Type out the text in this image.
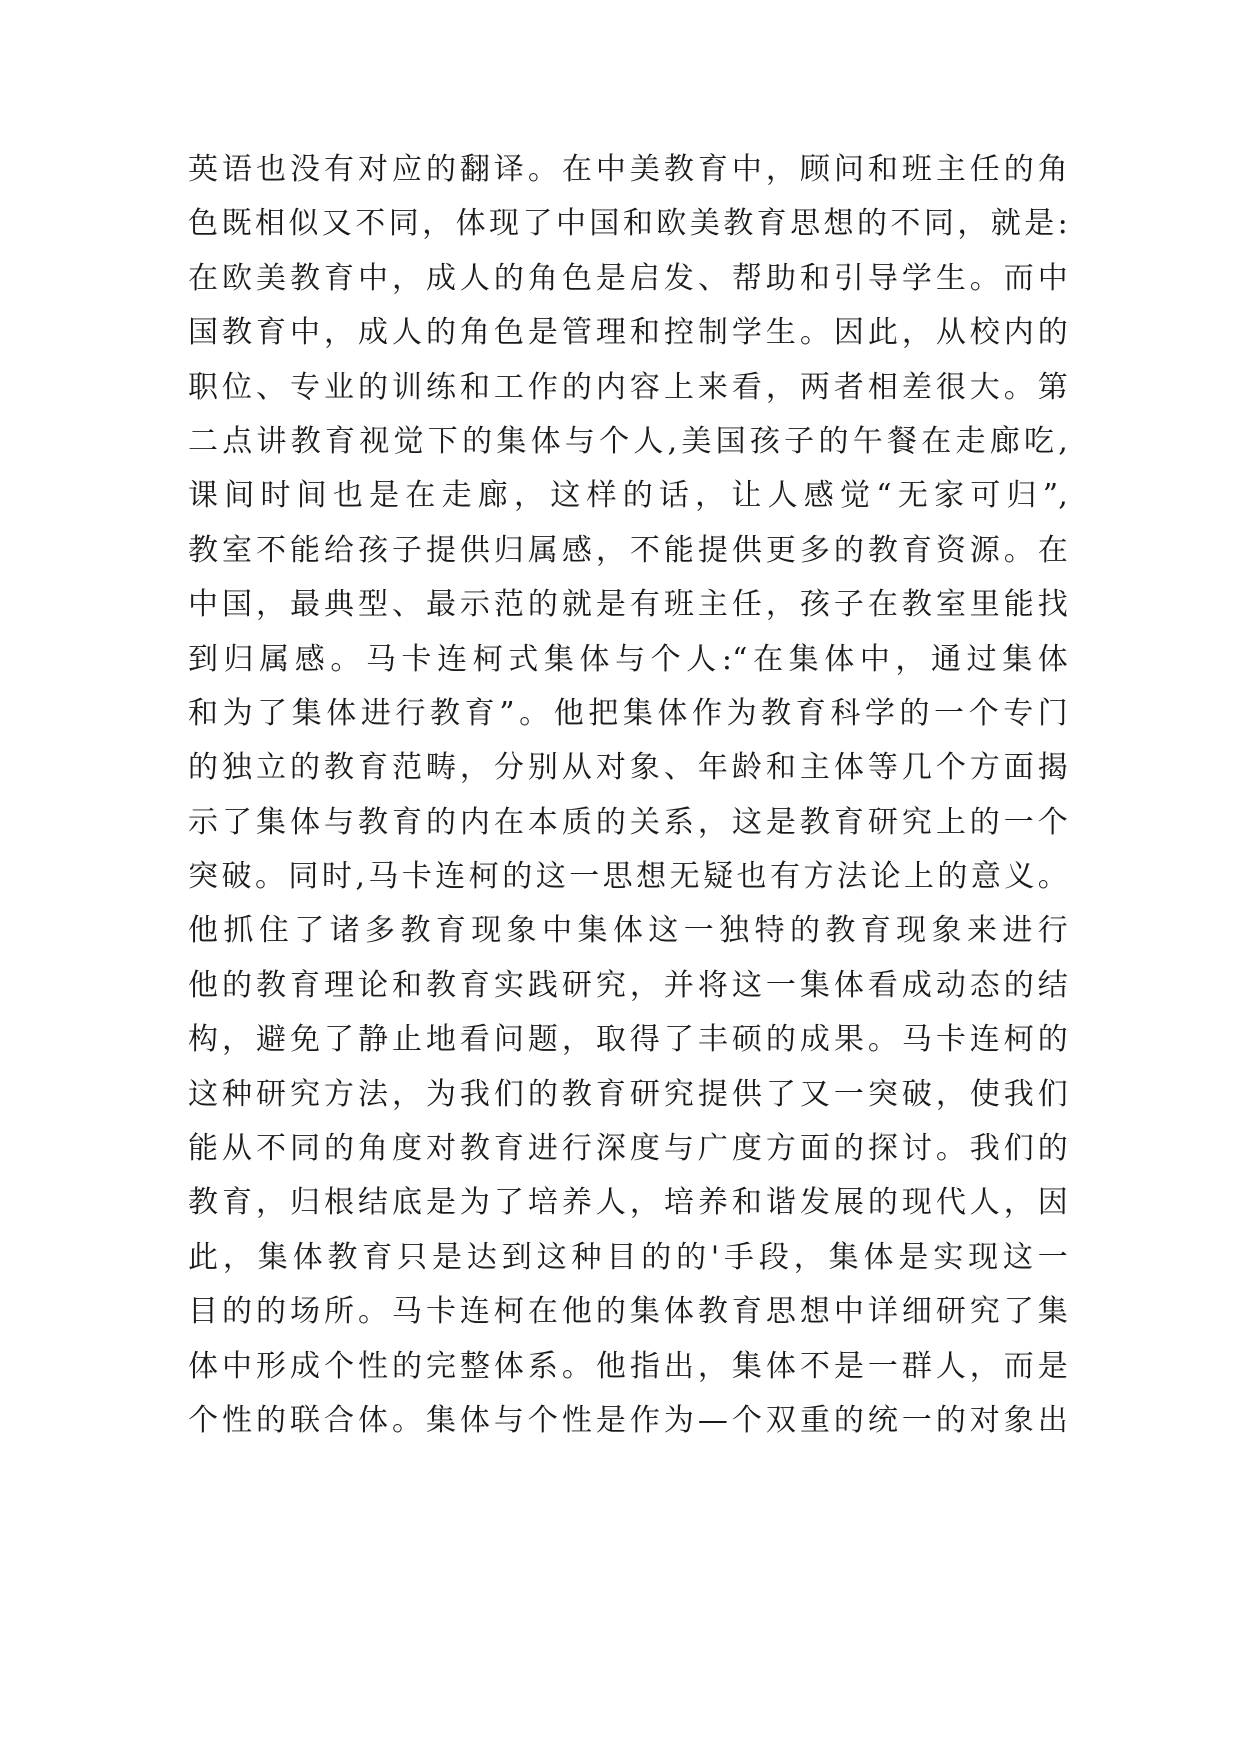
英语也没有对应的翻译。在中美教育中，顾问和班主任的角
色既相似又不同，体现了中国和欧美教育思想的不同，就是:
在欧美教育中，成人的角色是启发、帮助和引导学生。而中
国教育中，成人的角色是管理和控制学生。因此，从校内的
职位、专业的训练和工作的内容上来看，两者相差很大。第
二点讲教育视觉下的集体与个人,美国孩子的午餐在走廊吃,
课间时间也是在走廊，这样的话，让人感觉“无家可归”,
教室不能给孩子提供归属感，不能提供更多的教育资源。在
中国，最典型、最示范的就是有班主任，孩子在教室里能找
到归属感。马卡连柯式集体与个人:“在集体中，通过集体
和为了集体进行教育”。他把集体作为教育科学的一个专门
的独立的教育范畴，分别从对象、年龄和主体等几个方面揭
示了集体与教育的内在本质的关系，这是教育研究上的一个
突破。同时,马卡连柯的这一思想无疑也有方法论上的意义。
他抓住了诸多教育现象中集体这一独特的教育现象来进行
他的教育理论和教育实践研究，并将这一集体看成动态的结
构，避免了静止地看问题，取得了丰硕的成果。马卡连柯的
这种研究方法，为我们的教育研究提供了又一突破，使我们
能从不同的角度对教育进行深度与广度方面的探讨。我们的
教育，归根结底是为了培养人，培养和谐发展的现代人，因
此，集体教育只是达到这种目的的'手段，集体是实现这一
目的的场所。马卡连柯在他的集体教育思想中详细研究了集
体中形成个性的完整体系。他指出，集体不是一群人，而是
个性的联合体。集体与个性是作为—个双重的统一的对象出
